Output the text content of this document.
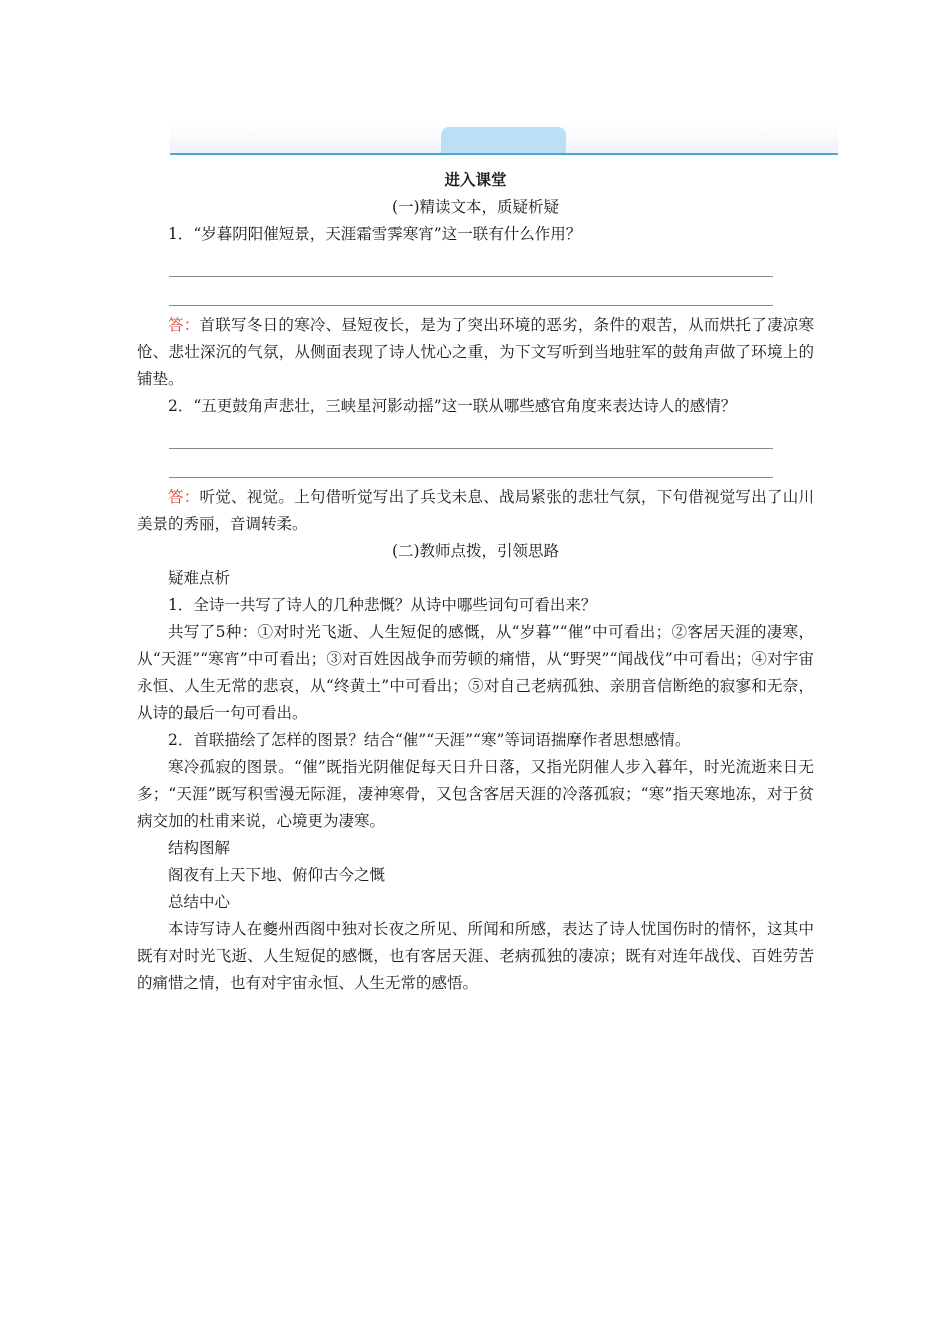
进入课堂

(一)精读文本，质疑析疑

1．“岁暮阴阳催短景，天涯霜雪霁寒宵”这一联有什么作用？

答：首联写冬日的寒冷、昼短夜长，是为了突出环境的恶劣，条件的艰苦，从而烘托了凄凉寒怆、悲壮深沉的气氛，从侧面表现了诗人忧心之重，为下文写听到当地驻军的鼓角声做了环境上的铺垫。

2．“五更鼓角声悲壮，三峡星河影动摇”这一联从哪些感官角度来表达诗人的感情？

答：听觉、视觉。上句借听觉写出了兵戈未息、战局紧张的悲壮气氛，下句借视觉写出了山川美景的秀丽，音调转柔。

(二)教师点拨，引领思路

疑难点析

1．全诗一共写了诗人的几种悲慨？从诗中哪些词句可看出来？

共写了5种：①对时光飞逝、人生短促的感慨，从“岁暮”“催”中可看出；②客居天涯的凄寒，从“天涯”“寒宵”中可看出；③对百姓因战争而劳顿的痛惜，从“野哭”“闻战伐”中可看出；④对宇宙永恒、人生无常的悲哀，从“终黄土”中可看出；⑤对自己老病孤独、亲朋音信断绝的寂寥和无奈，从诗的最后一句可看出。

2．首联描绘了怎样的图景？结合“催”“天涯”“寒”等词语揣摩作者思想感情。

寒冷孤寂的图景。“催”既指光阴催促每天日升日落，又指光阴催人步入暮年，时光流逝来日无多；“天涯”既写积雪漫无际涯，凄神寒骨，又包含客居天涯的冷落孤寂；“寒”指天寒地冻，对于贫病交加的杜甫来说，心境更为凄寒。

结构图解

阁夜有上天下地、俯仰古今之慨

总结中心

本诗写诗人在夔州西阁中独对长夜之所见、所闻和所感，表达了诗人忧国伤时的情怀，这其中既有对时光飞逝、人生短促的感慨，也有客居天涯、老病孤独的凄凉；既有对连年战伐、百姓劳苦的痛惜之情，也有对宇宙永恒、人生无常的感悟。
